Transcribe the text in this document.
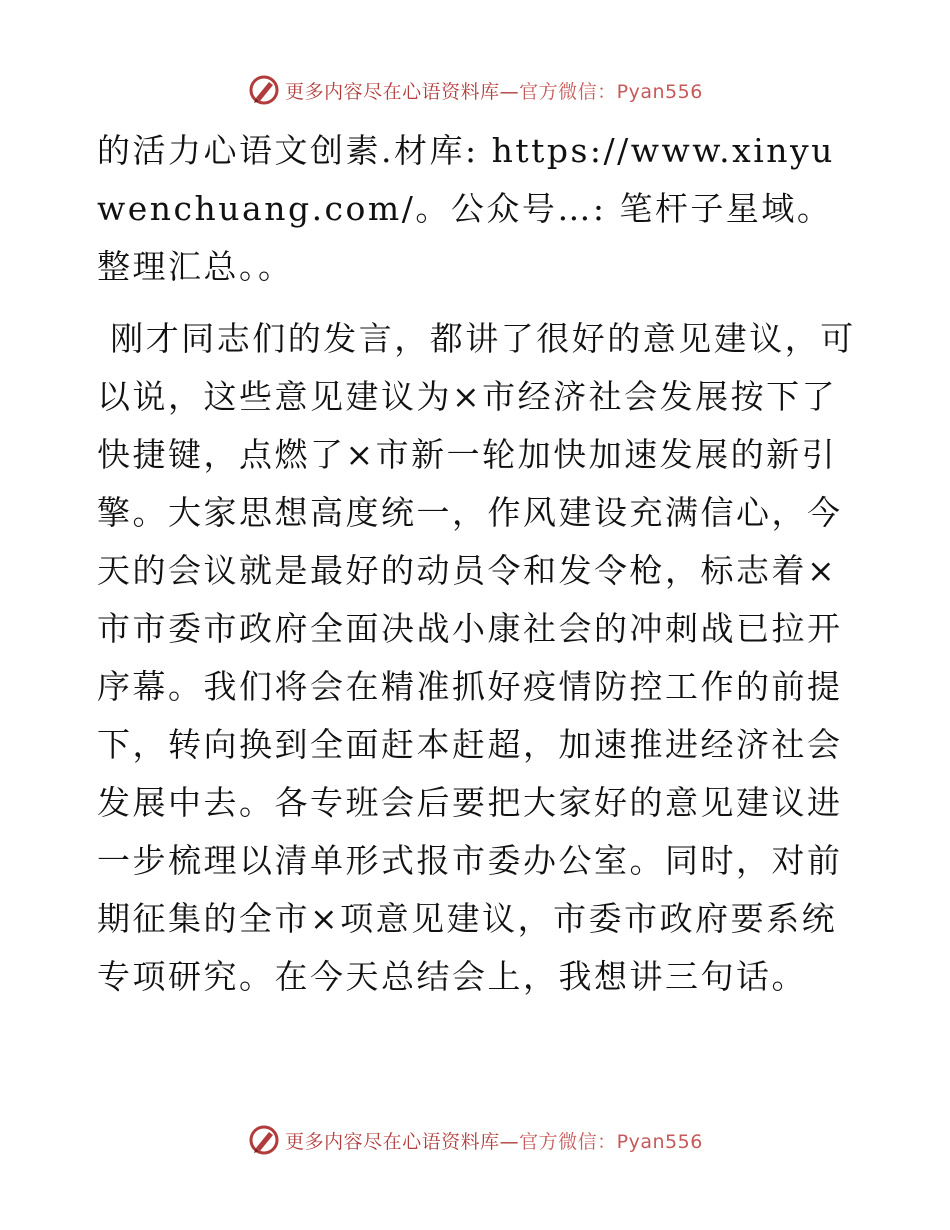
更多内容尽在心语资料库— 官方微信：Pyan556

的活力心语文创素.材库: https://www.xinyuwenchuang.com/。公众号…: 笔杆子星域。整理汇总。。

刚才同志们的发言，都讲了很好的意见建议，可以说，这些意见建议为×市经济社会发展按下了快捷键，点燃了×市新一轮加快加速发展的新引擎。大家思想高度统一，作风建设充满信心，今天的会议就是最好的动员令和发令枪，标志着×市市委市政府全面决战小康社会的冲刺战已拉开序幕。我们将会在精准抓好疫情防控工作的前提下，转向换到全面赶本赶超，加速推进经济社会发展中去。各专班会后要把大家好的意见建议进一步梳理以清单形式报市委办公室。同时，对前期征集的全市×项意见建议，市委市政府要系统专项研究。在今天总结会上，我想讲三句话。

更多内容尽在心语资料库— 官方微信：Pyan556
